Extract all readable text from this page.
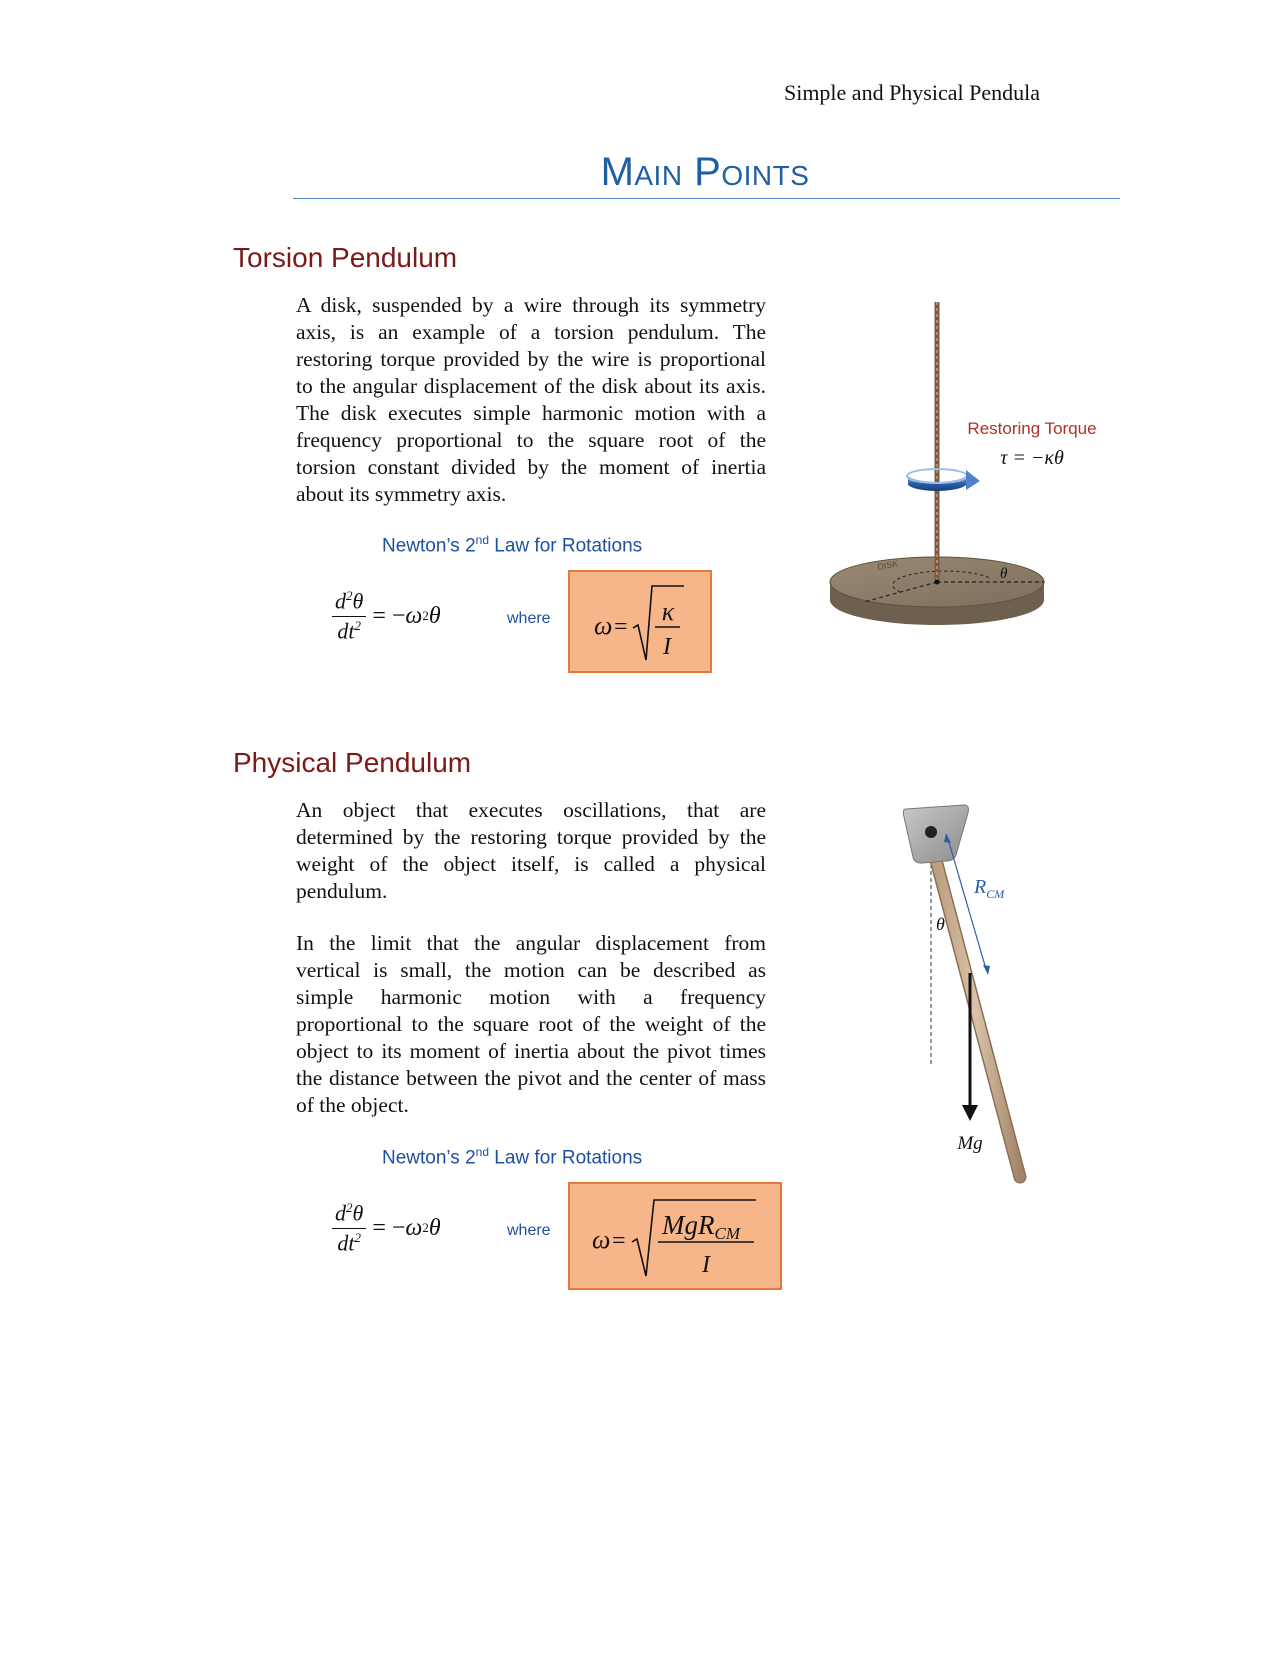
Simple and Physical Pendula
Main Points
Torsion Pendulum
A disk, suspended by a wire through its symmetry axis, is an example of a torsion pendulum. The restoring torque provided by the wire is proportional to the angular displacement of the disk about its axis. The disk executes simple harmonic motion with a frequency proportional to the square root of the torsion constant divided by the moment of inertia about its symmetry axis.
Newton’s 2nd Law for Rotations
$\frac{d^2\theta}{dt^2}$ = − ω 2 θ	where ω =
κ
I
θ
DISK
Restoring Torque
τ = −κθ
Physical Pendulum
An object that executes oscillations, that are determined by the restoring torque provided by the weight of the object itself, is called a physical pendulum.
In the limit that the angular displacement from vertical is small, the motion can be described as simple harmonic motion with a frequency proportional to the square root of the weight of the object to its moment of inertia about the pivot times the distance between the pivot and the center of mass of the object.
Newton’s 2nd Law for Rotations
$\frac{d^2\theta}{dt^2}$ = − ω 2 θ	where ω =
MgRCM
I
$R_{CM}$
θ
Mg
